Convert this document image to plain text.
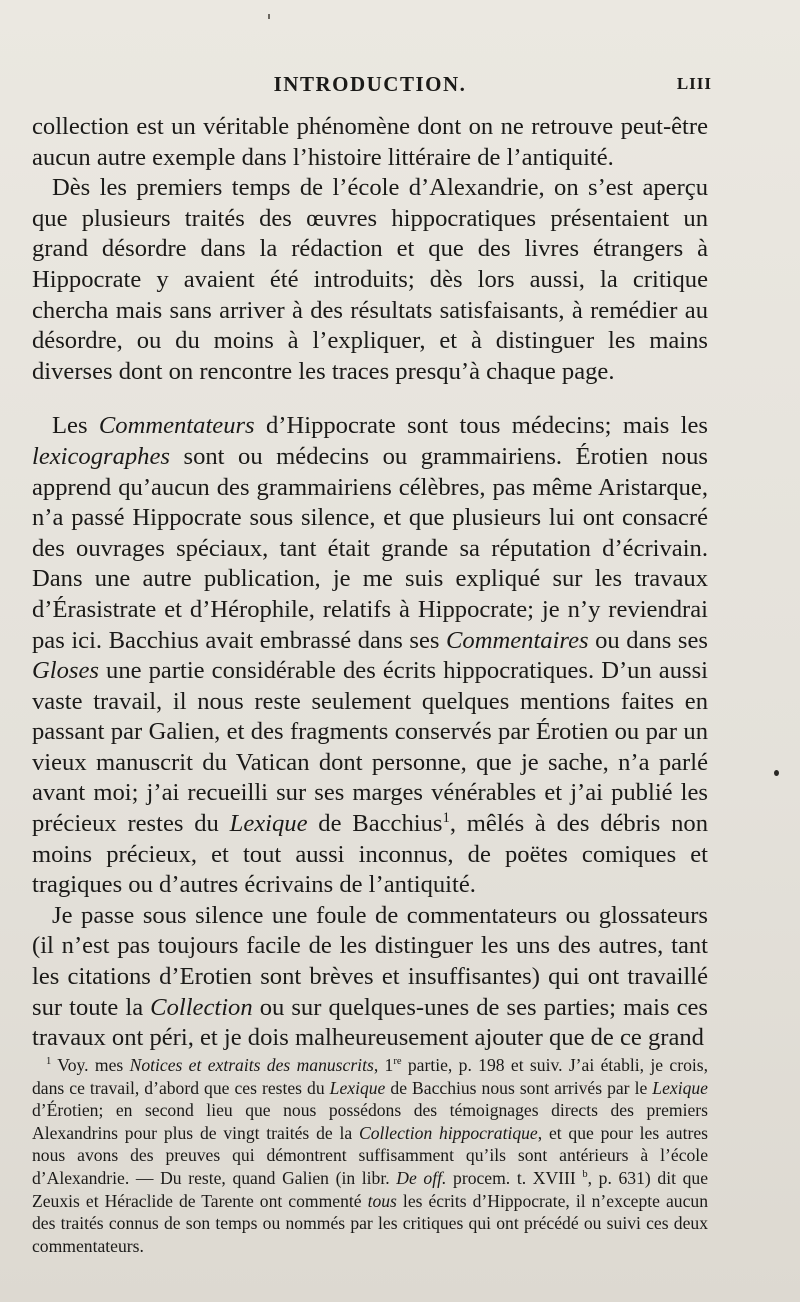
INTRODUCTION.	LIII

collection est un véritable phénomène dont on ne retrouve peut-être aucun autre exemple dans l’histoire littéraire de l’antiquité.

Dès les premiers temps de l’école d’Alexandrie, on s’est aperçu que plusieurs traités des œuvres hippocratiques présentaient un grand désordre dans la rédaction et que des livres étrangers à Hippocrate y avaient été introduits; dès lors aussi, la critique chercha mais sans arriver à des résultats satisfaisants, à remédier au désordre, ou du moins à l’expliquer, et à distinguer les mains diverses dont on rencontre les traces presqu’à chaque page.

Les Commentateurs d’Hippocrate sont tous médecins; mais les lexicographes sont ou médecins ou grammairiens. Érotien nous apprend qu’aucun des grammairiens célèbres, pas même Aristarque, n’a passé Hippocrate sous silence, et que plusieurs lui ont consacré des ouvrages spéciaux, tant était grande sa réputation d’écrivain. Dans une autre publication, je me suis expliqué sur les travaux d’Érasistrate et d’Hérophile, relatifs à Hippocrate; je n’y reviendrai pas ici. Bacchius avait embrassé dans ses Commentaires ou dans ses Gloses une partie considérable des écrits hippocratiques. D’un aussi vaste travail, il nous reste seulement quelques mentions faites en passant par Galien, et des fragments conservés par Érotien ou par un vieux manuscrit du Vatican dont personne, que je sache, n’a parlé avant moi; j’ai recueilli sur ses marges vénérables et j’ai publié les précieux restes du Lexique de Bacchius$^1$, mêlés à des débris non moins précieux, et tout aussi inconnus, de poëtes comiques et tragiques ou d’autres écrivains de l’antiquité.

Je passe sous silence une foule de commentateurs ou glossateurs (il n’est pas toujours facile de les distinguer les uns des autres, tant les citations d’Erotien sont brèves et insuffisantes) qui ont travaillé sur toute la Collection ou sur quelques-unes de ses parties; mais ces travaux ont péri, et je dois malheureusement ajouter que de ce grand

$^1$ Voy. mes Notices et extraits des manuscrits, 1re partie, p. 198 et suiv. J’ai établi, je crois, dans ce travail, d’abord que ces restes du Lexique de Bacchius nous sont arrivés par le Lexique d’Érotien; en second lieu que nous possédons des témoignages directs des premiers Alexandrins pour plus de vingt traités de la Collection hippocratique, et que pour les autres nous avons des preuves qui démontrent suffisamment qu’ils sont antérieurs à l’école d’Alexandrie. — Du reste, quand Galien (in libr. De off. procem. t. XVIII $^b$, p. 631) dit que Zeuxis et Héraclide de Tarente ont commenté tous les écrits d’Hippocrate, il n’excepte aucun des traités connus de son temps ou nommés par les critiques qui ont précédé ou suivi ces deux commentateurs.
